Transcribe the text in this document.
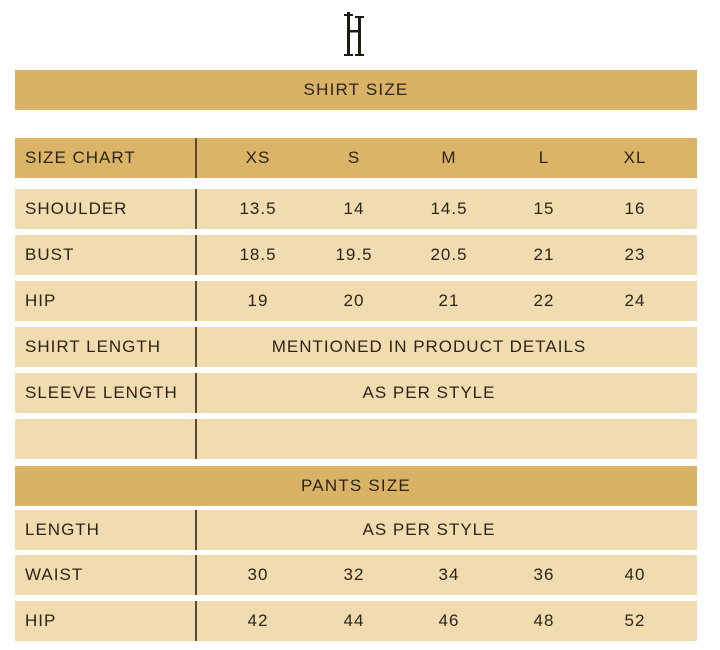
SHIRT SIZE
SIZE CHART	XS	S	M	L	XL
SHOULDER	13.5	14	14.5	15	16
BUST	18.5	19.5	20.5	21	23
HIP	19	20	21	22	24
SHIRT LENGTH	MENTIONED IN PRODUCT DETAILS
SLEEVE LENGTH	AS PER STYLE
PANTS SIZE
LENGTH	AS PER STYLE
WAIST	30	32	34	36	40
HIP	42	44	46	48	52
